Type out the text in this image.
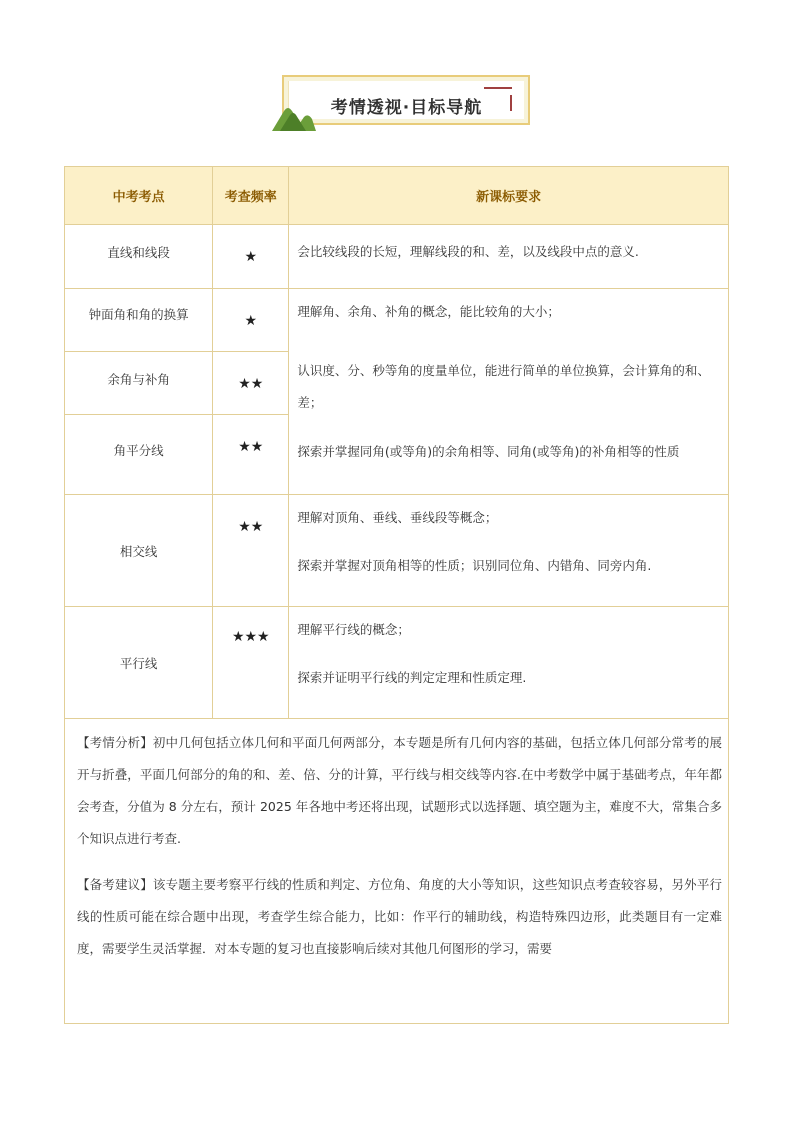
考情透视·目标导航
中考考点	考查频率	新课标要求
直线和线段	★	会比较线段的长短，理解线段的和、差，以及线段中点的意义.

钟面角和角的换算	★	理解角、余角、补角的概念，能比较角的大小；

认识度、分、秒等角的度量单位，能进行简单的单位换算，会计算角的和、差；

探索并掌握同角(或等角)的余角相等、同角(或等角)的补角相等的性质

余角与补角	★★	
角平分线	★★	
相交线	★★	理解对顶角、垂线、垂线段等概念；

探索并掌握对顶角相等的性质；识别同位角、内错角、同旁内角.

平行线	★★★	理解平行线的概念；

探索并证明平行线的判定定理和性质定理.

【考情分析】初中几何包括立体几何和平面几何两部分，本专题是所有几何内容的基础，包括立体几何部分常考的展开与折叠，平面几何部分的角的和、差、倍、分的计算，平行线与相交线等内容.在中考数学中属于基础考点，年年都会考查，分值为 8 分左右，预计 2025 年各地中考还将出现，试题形式以选择题、填空题为主，难度不大，常集合多个知识点进行考查.

【备考建议】该专题主要考察平行线的性质和判定、方位角、角度的大小等知识，这些知识点考查较容易，另外平行线的性质可能在综合题中出现，考查学生综合能力，比如：作平行的辅助线，构造特殊四边形，此类题目有一定难度，需要学生灵活掌握．对本专题的复习也直接影响后续对其他几何图形的学习，需要		
